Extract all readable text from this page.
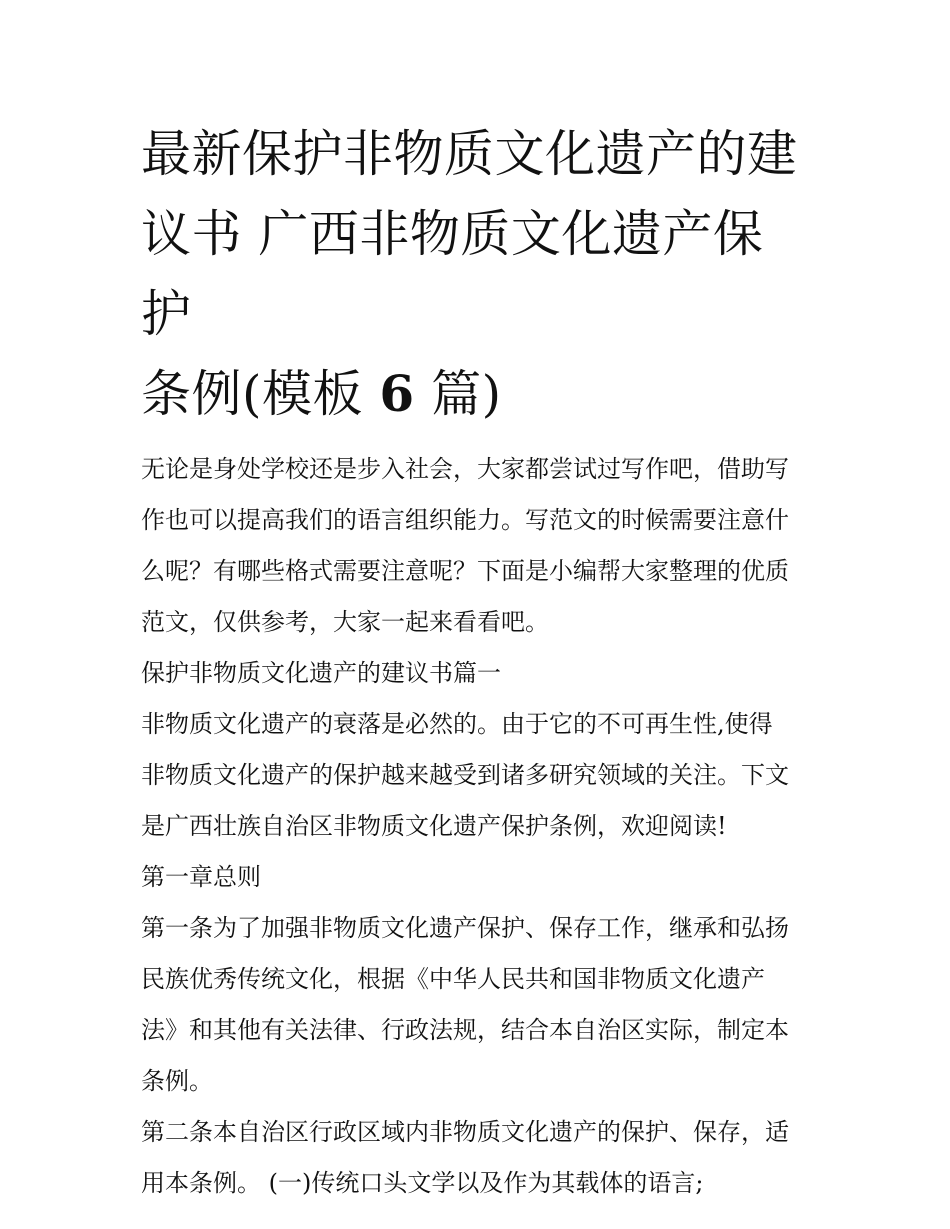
最新保护非物质文化遗产的建
议书 广西非物质文化遗产保护
条例(模板 6 篇)

无论是身处学校还是步入社会，大家都尝试过写作吧，借助写
作也可以提高我们的语言组织能力。写范文的时候需要注意什
么呢？有哪些格式需要注意呢？下面是小编帮大家整理的优质
范文，仅供参考，大家一起来看看吧。

保护非物质文化遗产的建议书篇一

非物质文化遗产的衰落是必然的。由于它的不可再生性,使得
非物质文化遗产的保护越来越受到诸多研究领域的关注。下文
是广西壮族自治区非物质文化遗产保护条例，欢迎阅读!

第一章总则

第一条为了加强非物质文化遗产保护、保存工作，继承和弘扬
民族优秀传统文化，根据《中华人民共和国非物质文化遗产
法》和其他有关法律、行政法规，结合本自治区实际，制定本
条例。

第二条本自治区行政区域内非物质文化遗产的保护、保存，适
用本条例。 (一)传统口头文学以及作为其载体的语言;
